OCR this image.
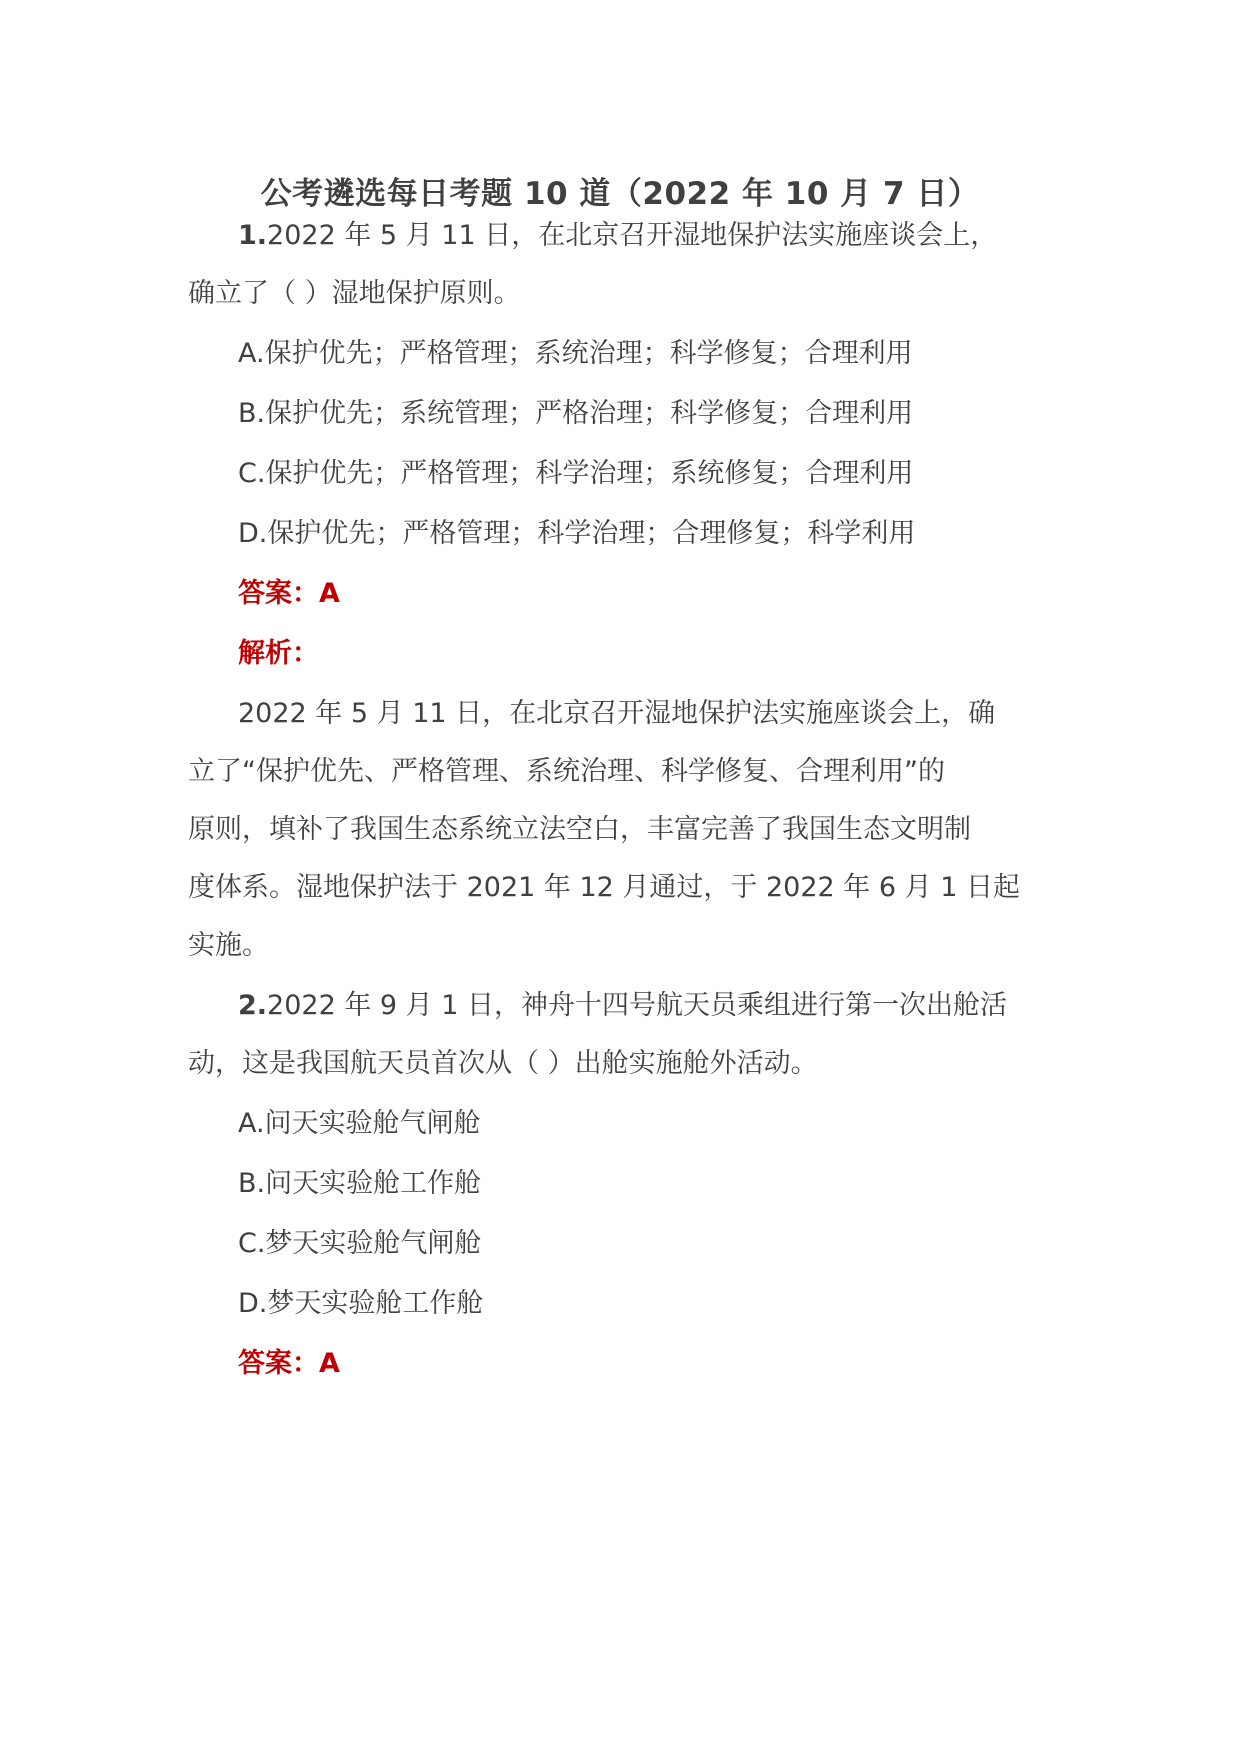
公考遴选每日考题 10 道（2022 年 10 月 7 日）
1.2022 年 5 月 11 日，在北京召开湿地保护法实施座谈会上，
确立了（ ）湿地保护原则。
A.保护优先；严格管理；系统治理；科学修复；合理利用
B.保护优先；系统管理；严格治理；科学修复；合理利用
C.保护优先；严格管理；科学治理；系统修复；合理利用
D.保护优先；严格管理；科学治理；合理修复；科学利用
答案：A
解析：
2022 年 5 月 11 日，在北京召开湿地保护法实施座谈会上，确
立了“保护优先、严格管理、系统治理、科学修复、合理利用”的
原则，填补了我国生态系统立法空白，丰富完善了我国生态文明制
度体系。湿地保护法于 2021 年 12 月通过，于 2022 年 6 月 1 日起
实施。
2.2022 年 9 月 1 日，神舟十四号航天员乘组进行第一次出舱活
动，这是我国航天员首次从（ ）出舱实施舱外活动。
A.问天实验舱气闸舱
B.问天实验舱工作舱
C.梦天实验舱气闸舱
D.梦天实验舱工作舱
答案：A
